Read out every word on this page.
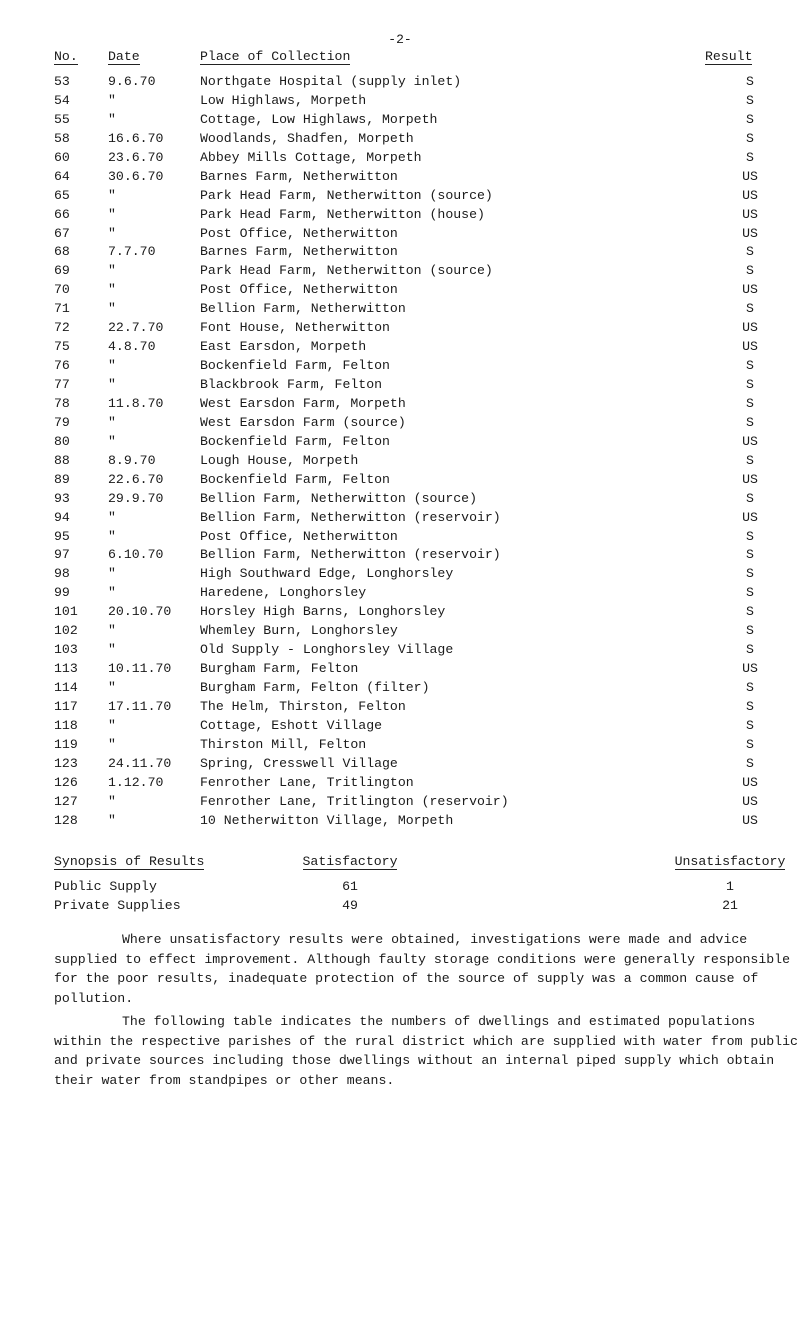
-2-
No. Date	Place of Collection	Result
53	9.6.70	Northgate Hospital (supply inlet)	S
54	"	Low Highlaws, Morpeth	S
55	"	Cottage, Low Highlaws, Morpeth	S
58	16.6.70	Woodlands, Shadfen, Morpeth	S
60	23.6.70	Abbey Mills Cottage, Morpeth	S
64	30.6.70	Barnes Farm, Netherwitton	US
65	"	Park Head Farm, Netherwitton (source)	US
66	"	Park Head Farm, Netherwitton (house)	US
67	"	Post Office, Netherwitton	US
68	7.7.70	Barnes Farm, Netherwitton	S
69	"	Park Head Farm, Netherwitton (source)	S
70	"	Post Office, Netherwitton	US
71	"	Bellion Farm, Netherwitton	S
72	22.7.70	Font House, Netherwitton	US
75	4.8.70	East Earsdon, Morpeth	US
76	"	Bockenfield Farm, Felton	S
77	"	Blackbrook Farm, Felton	S
78	11.8.70	West Earsdon Farm, Morpeth	S
79	"	West Earsdon Farm (source)	S
80	"	Bockenfield Farm, Felton	US
88	8.9.70	Lough House, Morpeth	S
89	22.6.70	Bockenfield Farm, Felton	US
93	29.9.70	Bellion Farm, Netherwitton (source)	S
94	"	Bellion Farm, Netherwitton (reservoir)	US
95	"	Post Office, Netherwitton	S
97	6.10.70	Bellion Farm, Netherwitton (reservoir)	S
98	"	High Southward Edge, Longhorsley	S
99	"	Haredene, Longhorsley	S
101 20.10.70 Horsley High Barns, Longhorsley	S
102 "	Whemley Burn, Longhorsley	S
103 "	Old Supply - Longhorsley Village	S
113 10.11.70 Burgham Farm, Felton	US
114 "	Burgham Farm, Felton (filter)	S
117 17.11.70 The Helm, Thirston, Felton	S
118 "	Cottage, Eshott Village	S
119 "	Thirston Mill, Felton	S
123 24.11.70 Spring, Cresswell Village	S
126 1.12.70	Fenrother Lane, Tritlington	US
127 "	Fenrother Lane, Tritlington (reservoir)	US
128 "	10 Netherwitton Village, Morpeth	US
Synopsis of Results	Satisfactory	Unsatisfactory
Public Supply	61	1
Private Supplies	49	21
Where unsatisfactory results were obtained, investigations were made and advice supplied to effect improvement. Although faulty storage conditions were generally responsible for the poor results, inadequate protection of the source of supply was a common cause of pollution.
The following table indicates the numbers of dwellings and estimated populations within the respective parishes of the rural district which are supplied with water from public and private sources including those dwellings without an internal piped supply which obtain their water from standpipes or other means.
